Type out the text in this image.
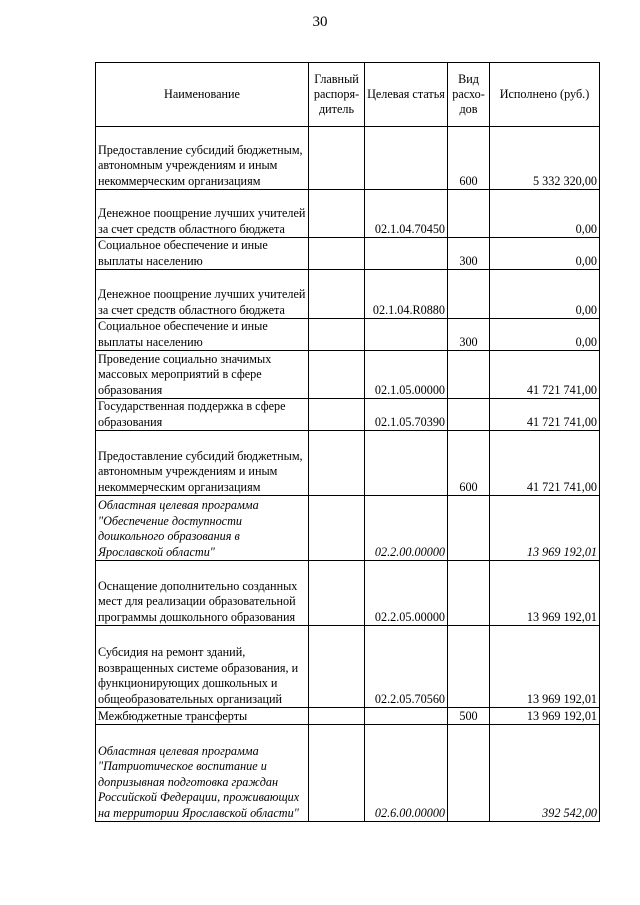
30
Наименование	Главный распоря-дитель	Целевая статья	Вид расхо-дов	Исполнено (руб.)
Предоставление субсидий бюджетным, автономным учреждениям и иным некоммерческим организациям			600	5 332 320,00
Денежное поощрение лучших учителей за счет средств областного бюджета		02.1.04.70450		0,00
Социальное обеспечение и иные выплаты населению			300	0,00
Денежное поощрение лучших учителей за счет средств областного бюджета		02.1.04.R0880		0,00
Социальное обеспечение и иные выплаты населению			300	0,00
Проведение социально значимых массовых мероприятий в сфере образования		02.1.05.00000		41 721 741,00
Государственная поддержка в сфере образования		02.1.05.70390		41 721 741,00
Предоставление субсидий бюджетным, автономным учреждениям и иным некоммерческим организациям			600	41 721 741,00
Областная целевая программа "Обеспечение доступности дошкольного образования в Ярославской области"		02.2.00.00000		13 969 192,01
Оснащение дополнительно созданных мест для реализации образовательной программы дошкольного образования		02.2.05.00000		13 969 192,01
Субсидия на ремонт зданий, возвращенных системе образования, и функционирующих дошкольных и общеобразовательных организаций		02.2.05.70560		13 969 192,01
Межбюджетные трансферты			500	13 969 192,01
Областная целевая программа "Патриотическое воспитание и допризывная подготовка граждан Российской Федерации, проживающих на территории Ярославской области"		02.6.00.00000		392 542,00
